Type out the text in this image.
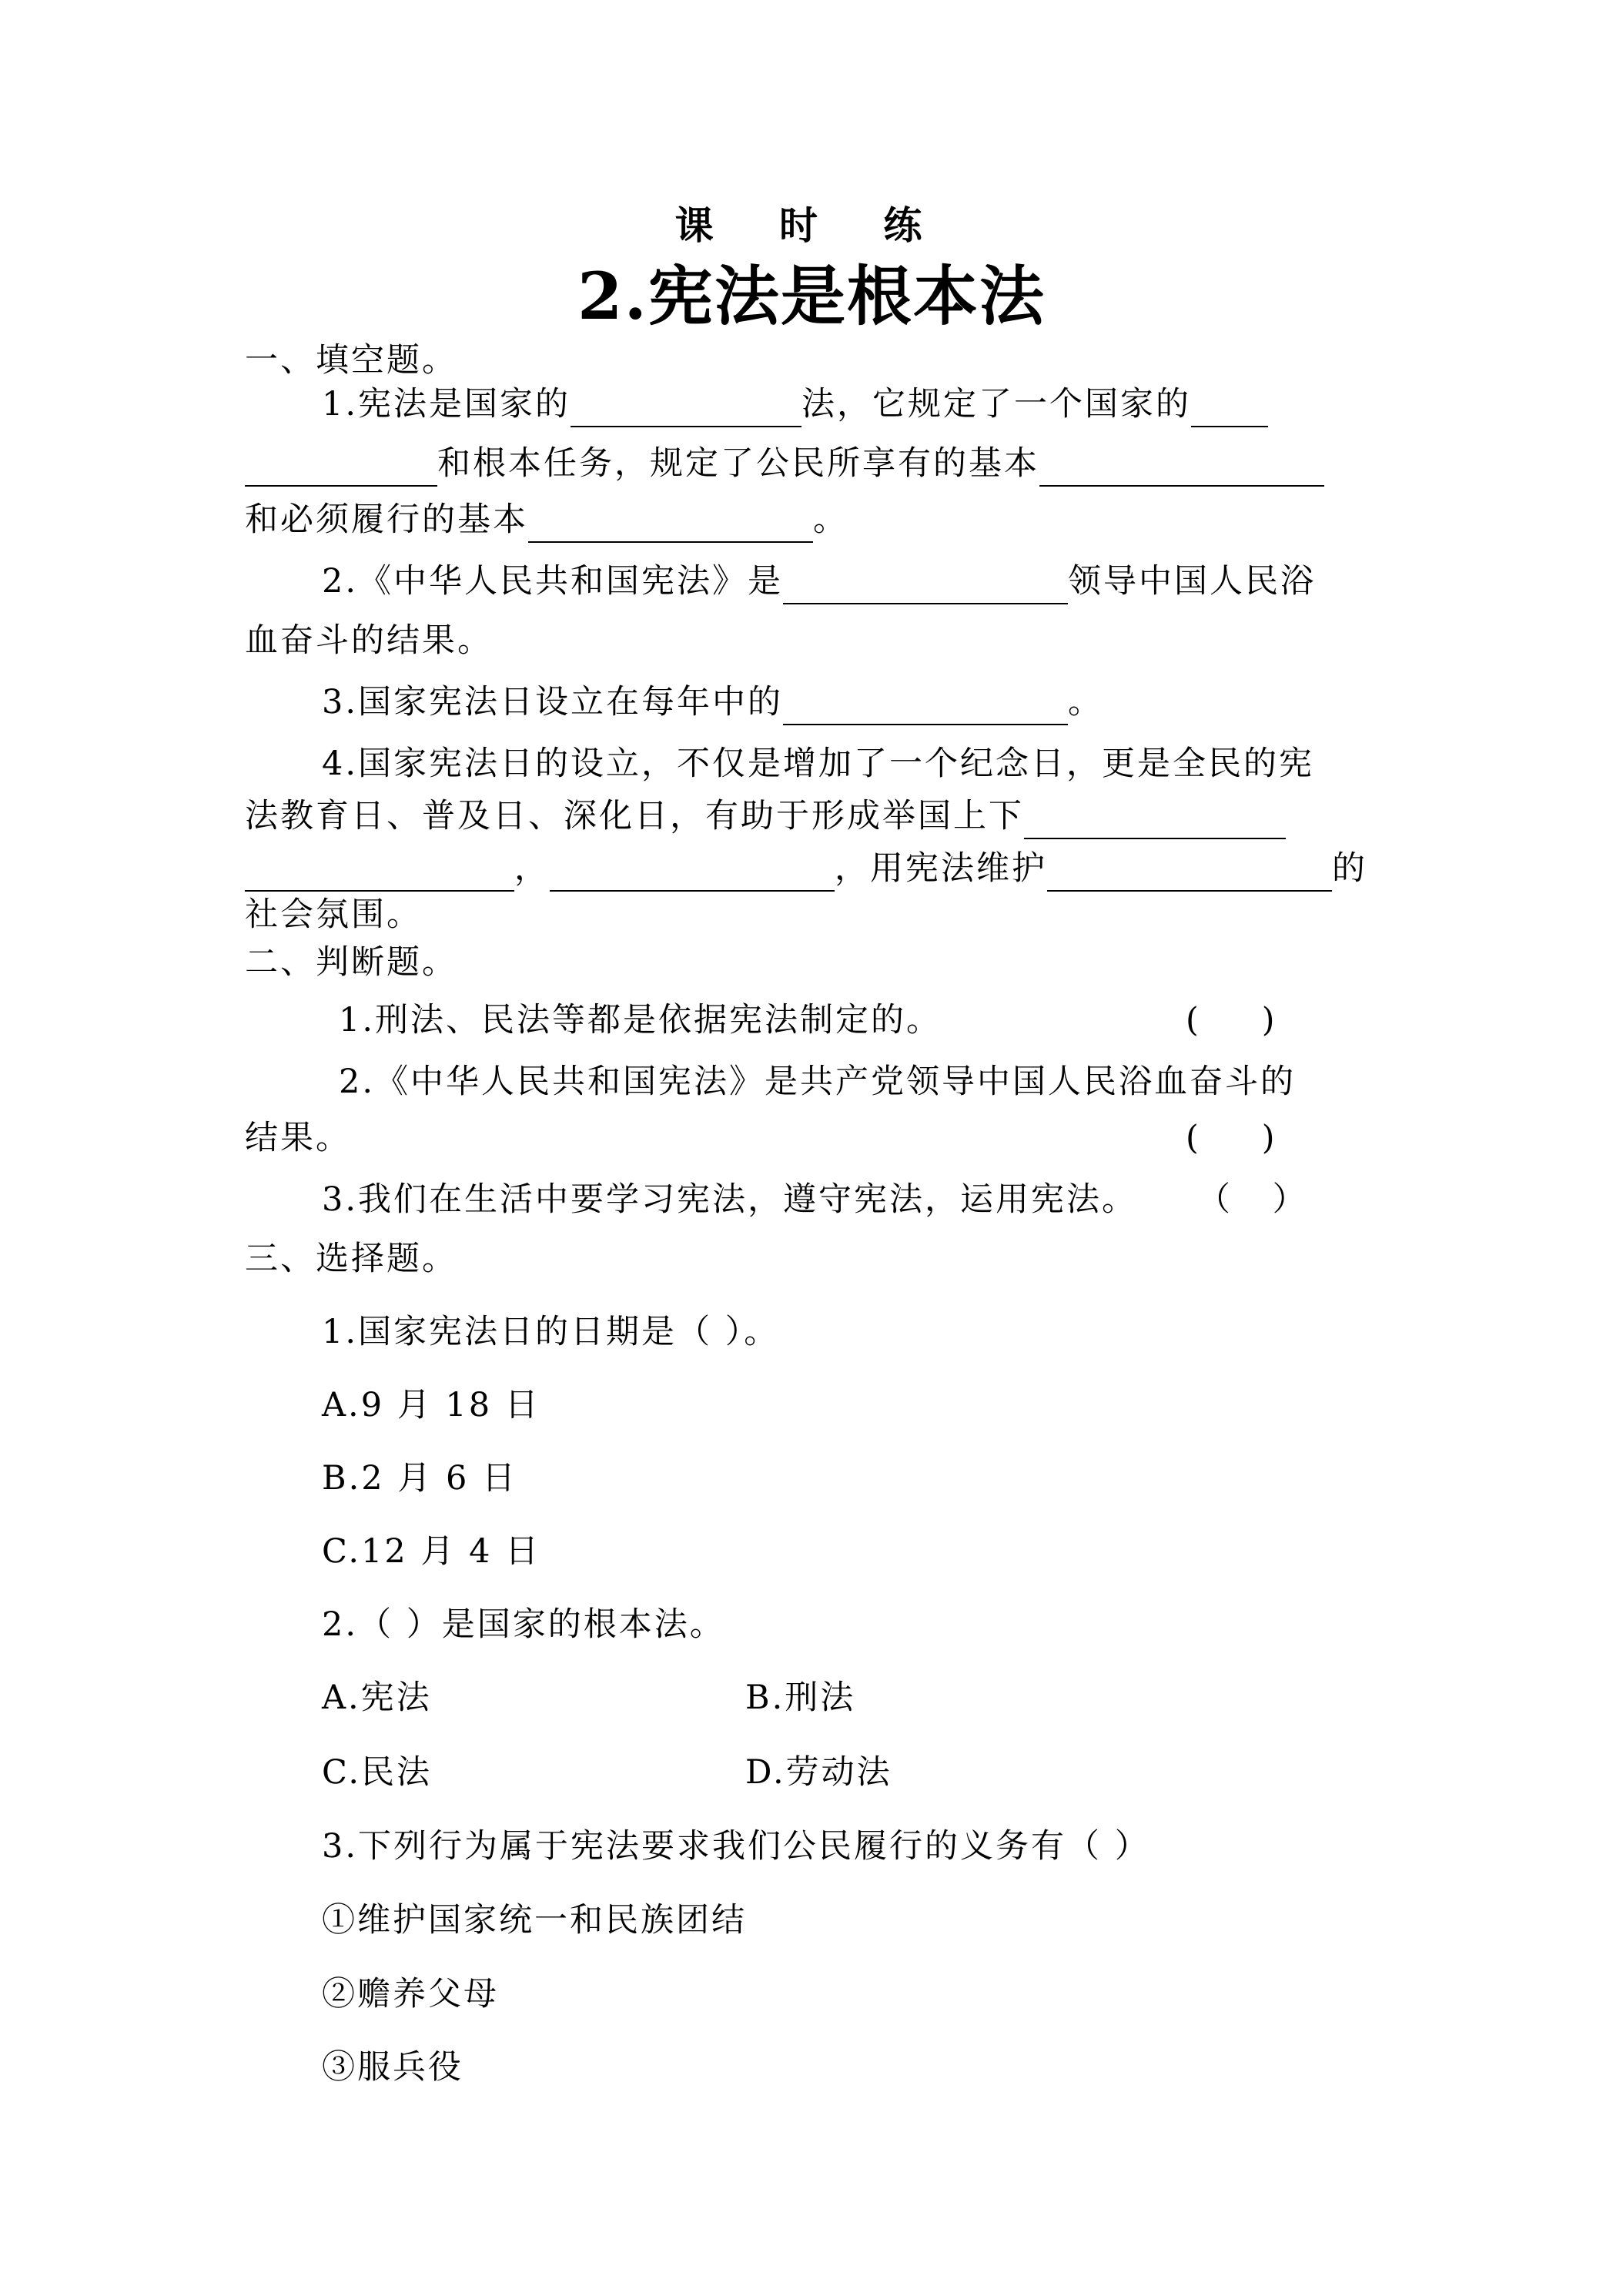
课 时 练
2.宪法是根本法
一、填空题。
1.宪法是国家的	法，它规定了一个国家的
和根本任务，规定了公民所享有的基本
和必须履行的基本	。
2.《中华人民共和国宪法》是	领导中国人民浴
血奋斗的结果。
3.国家宪法日设立在每年中的	。
4.国家宪法日的设立，不仅是增加了一个纪念日，更是全民的宪
法教育日、普及日、深化日，有助于形成举国上下
，	，用宪法维护	的
社会氛围。
二、判断题。
1.刑法、民法等都是依据宪法制定的。	(      )
2.《中华人民共和国宪法》是共产党领导中国人民浴血奋斗的
结果。	(      )
3.我们在生活中要学习宪法，遵守宪法，运用宪法。 （    ）
三、选择题。
1.国家宪法日的日期是（ ）。
A.9 月 18 日
B.2 月 6 日
C.12 月 4 日
2.（ ）是国家的根本法。
A.宪法	B.刑法
C.民法	D.劳动法
3.下列行为属于宪法要求我们公民履行的义务有（ ）
①维护国家统一和民族团结
②赡养父母
③服兵役
